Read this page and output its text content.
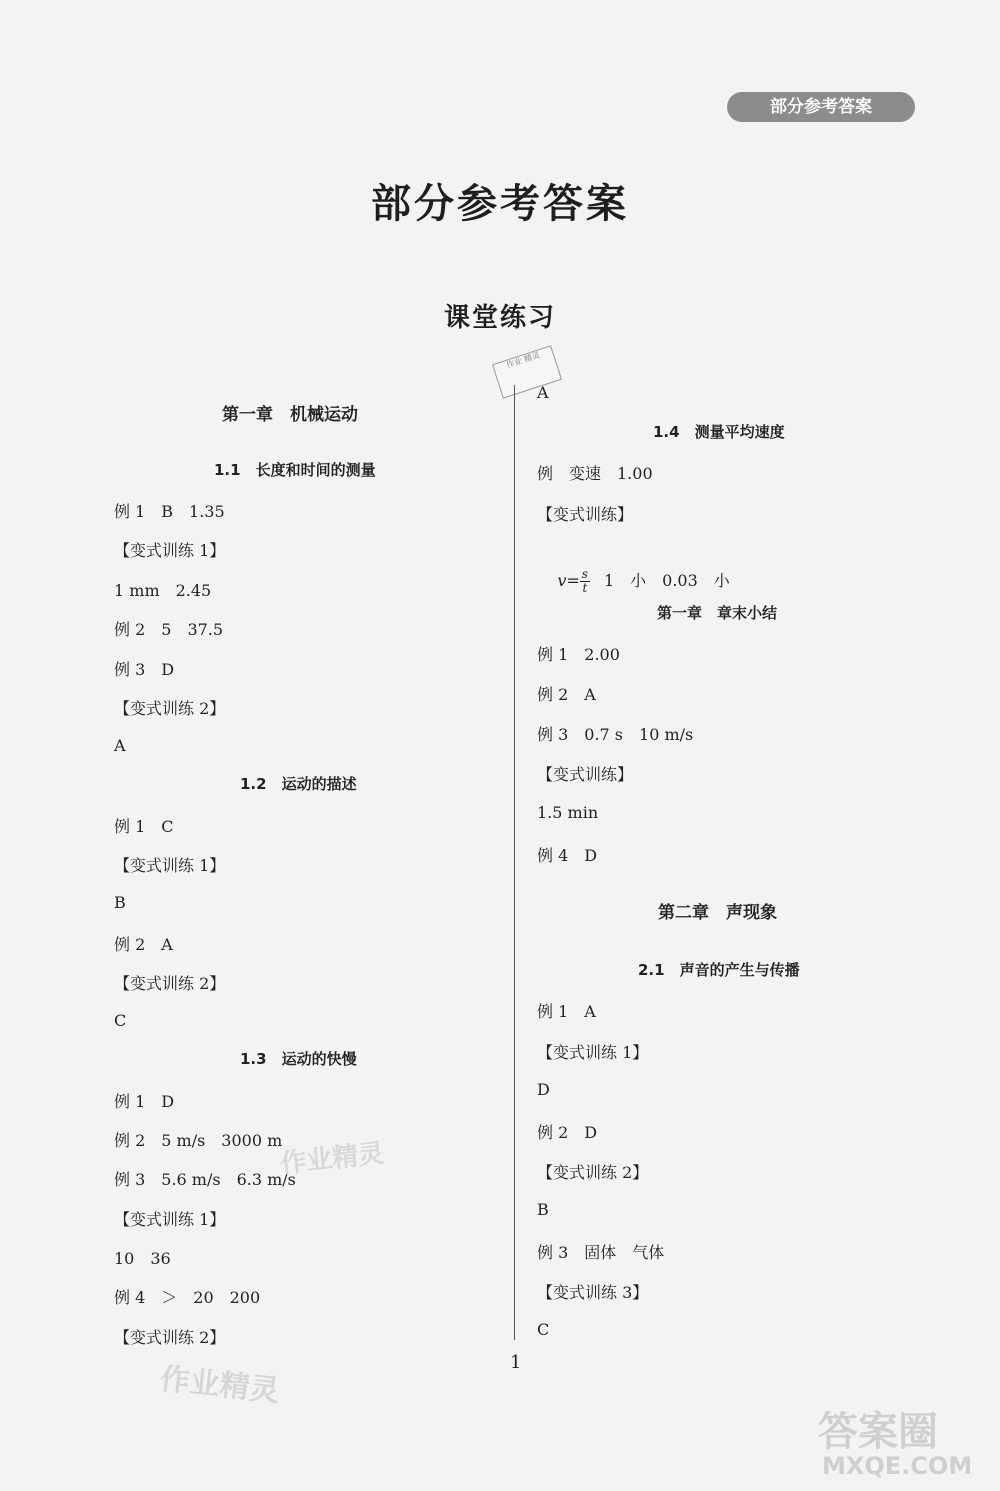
部分参考答案
部分参考答案
课堂练习
作业 精灵
第一章　机械运动
1.1　长度和时间的测量
例 1　B　1.35
【变式训练 1】
1 mm　2.45
例 2　5　37.5
例 3　D
【变式训练 2】
A
1.2　运动的描述
例 1　C
【变式训练 1】
B
例 2　A
【变式训练 2】
C
1.3　运动的快慢
例 1　D
例 2　5 m/s　3000 m
例 3　5.6 m/s　6.3 m/s
【变式训练 1】
10　36
例 4　＞　20　200
【变式训练 2】
A
1.4　测量平均速度
例　变速　1.00
【变式训练】

$v= \frac{s}{t} 1$　小　0.03　小

第一章　章末小结
例 1　2.00
例 2　A
例 3　0.7 s　10 m/s
【变式训练】
1.5 min
例 4　D
第二章　声现象
2.1　声音的产生与传播
例 1　A
【变式训练 1】
D
例 2　D
【变式训练 2】
B
例 3　固体　气体
【变式训练 3】
C
1
作业精灵
作业精灵
答案圈
MXQE.COM
